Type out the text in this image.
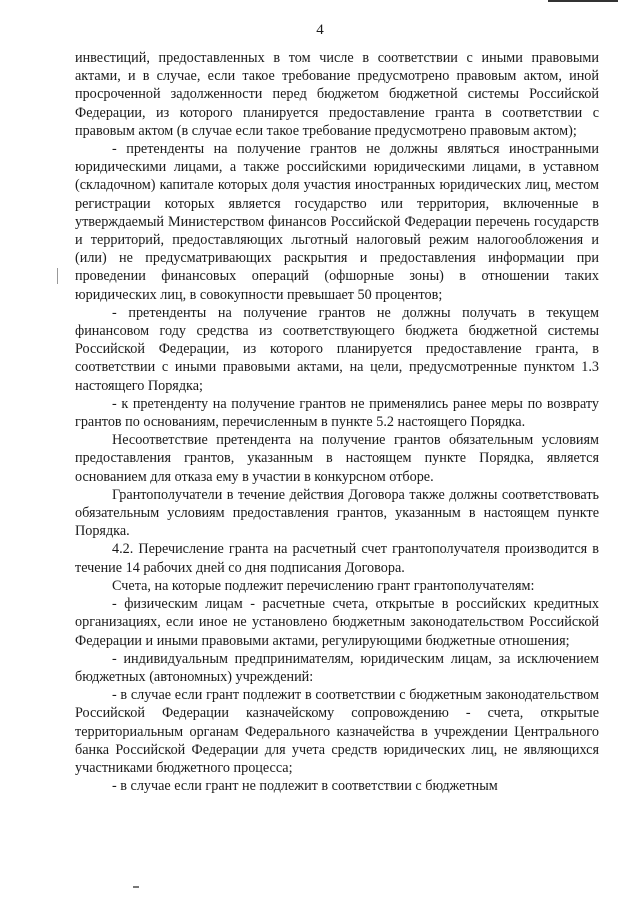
4

инвестиций, предоставленных в том числе в соответствии с иными правовыми актами, и в случае, если такое требование предусмотрено правовым актом, иной просроченной задолженности перед бюджетом бюджетной системы Российской Федерации, из которого планируется предоставление гранта в соответствии с правовым актом (в случае если такое требование предусмотрено правовым актом);

- претенденты на получение грантов не должны являться иностранными юридическими лицами, а также российскими юридическими лицами, в уставном (складочном) капитале которых доля участия иностранных юридических лиц, местом регистрации которых является государство или территория, включенные в утверждаемый Министерством финансов Российской Федерации перечень государств и территорий, предоставляющих льготный налоговый режим налогообложения и (или) не предусматривающих раскрытия и предоставления информации при проведении финансовых операций (офшорные зоны) в отношении таких юридических лиц, в совокупности превышает 50 процентов;

- претенденты на получение грантов не должны получать в текущем финансовом году средства из соответствующего бюджета бюджетной системы Российской Федерации, из которого планируется предоставление гранта, в соответствии с иными правовыми актами, на цели, предусмотренные пунктом 1.3 настоящего Порядка;

- к претенденту на получение грантов не применялись ранее меры по возврату грантов по основаниям, перечисленным в пункте 5.2 настоящего Порядка.

Несоответствие претендента на получение грантов обязательным условиям предоставления грантов, указанным в настоящем пункте Порядка, является основанием для отказа ему в участии в конкурсном отборе.

Грантополучатели в течение действия Договора также должны соответствовать обязательным условиям предоставления грантов, указанным в настоящем пункте Порядка.

4.2. Перечисление гранта на расчетный счет грантополучателя производится в течение 14 рабочих дней со дня подписания Договора.

Счета, на которые подлежит перечислению грант грантополучателям:

- физическим лицам - расчетные счета, открытые в российских кредитных организациях, если иное не установлено бюджетным законодательством Российской Федерации и иными правовыми актами, регулирующими бюджетные отношения;

- индивидуальным предпринимателям, юридическим лицам, за исключением бюджетных (автономных) учреждений:

- в случае если грант подлежит в соответствии с бюджетным законодательством Российской Федерации казначейскому сопровождению - счета, открытые территориальным органам Федерального казначейства в учреждении Центрального банка Российской Федерации для учета средств юридических лиц, не являющихся участниками бюджетного процесса;

- в случае если грант не подлежит в соответствии с бюджетным
